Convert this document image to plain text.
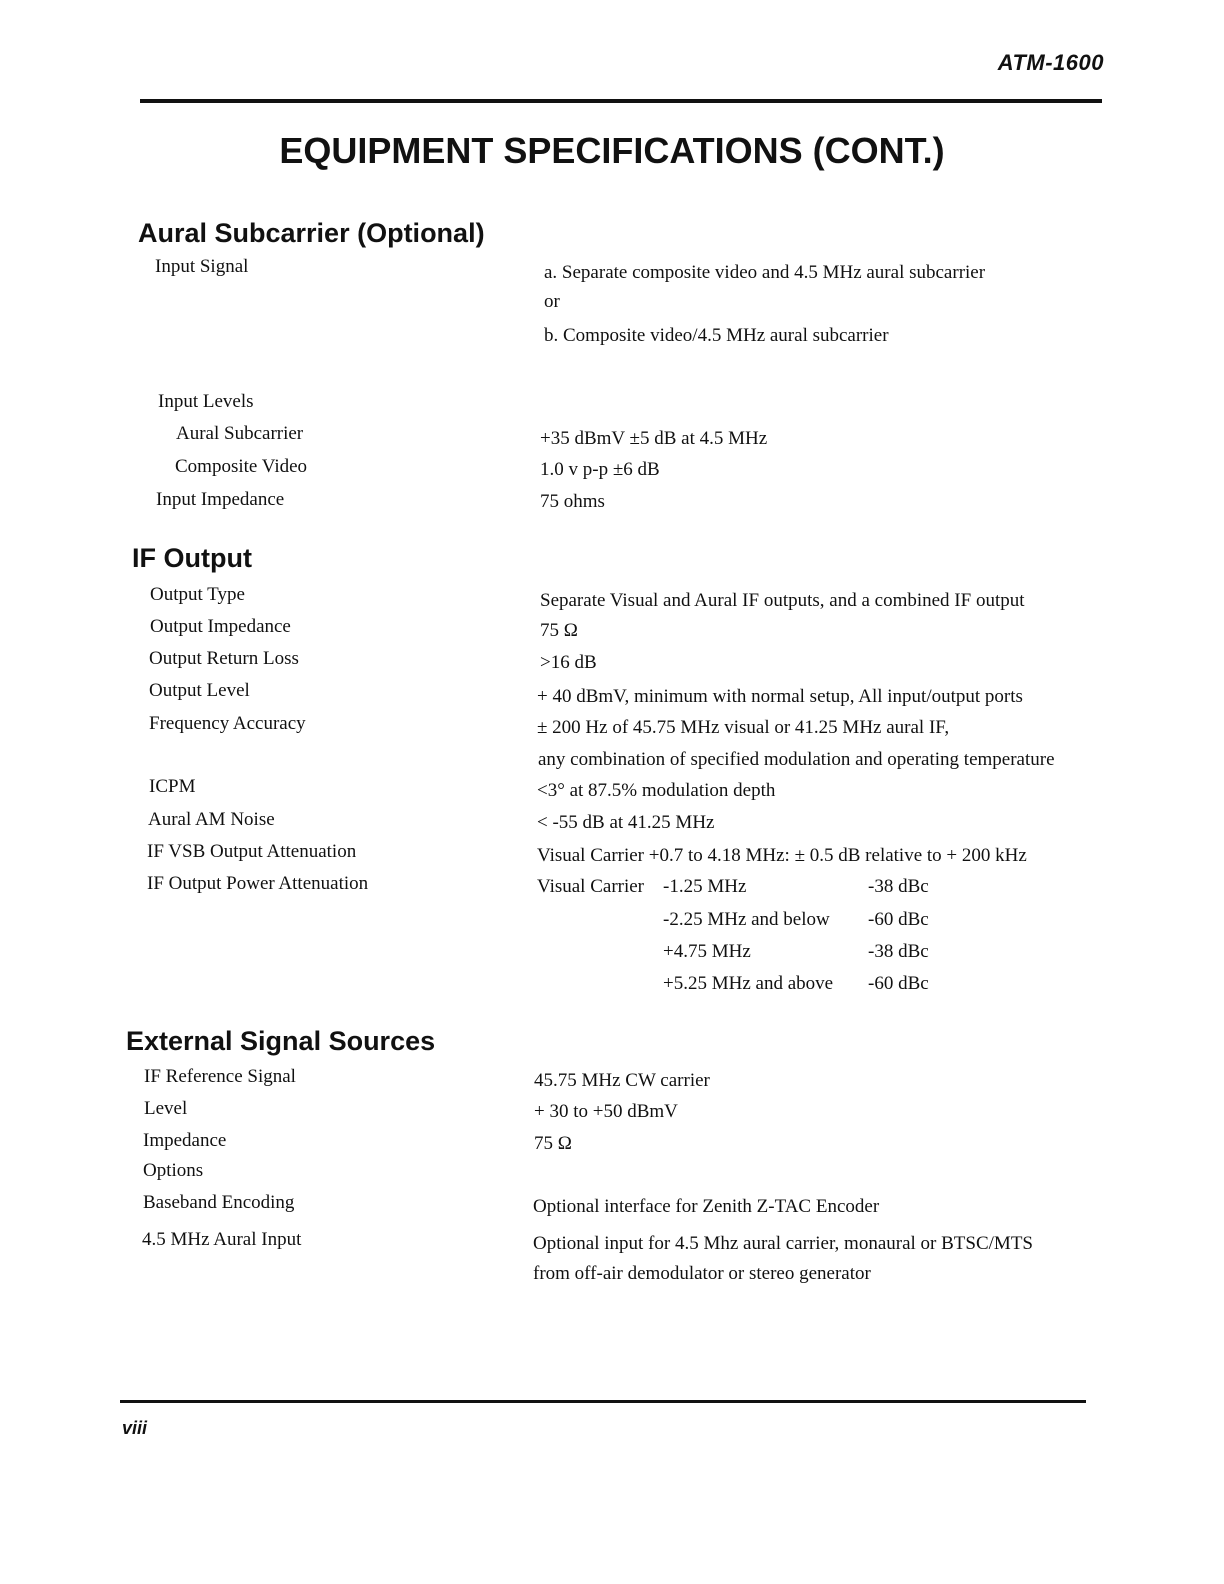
ATM-1600
EQUIPMENT SPECIFICATIONS (CONT.)
Aural Subcarrier (Optional)
Input Signal	a. Separate composite video and 4.5 MHz aural subcarrier
or
b. Composite video/4.5 MHz aural subcarrier
Input Levels
Aural Subcarrier	+35 dBmV ±5 dB at 4.5 MHz
Composite Video	1.0 v p-p ±6 dB
Input Impedance	75 ohms
IF Output
Output Type	Separate Visual and Aural IF outputs, and a combined IF output
Output Impedance	75 Ω
Output Return Loss	>16 dB
Output Level	+ 40 dBmV, minimum with normal setup, All input/output ports
Frequency Accuracy	± 200 Hz of 45.75 MHz visual or 41.25 MHz aural IF,
any combination of specified modulation and operating temperature
ICPM	<3° at 87.5% modulation depth
Aural AM Noise	< -55 dB at 41.25 MHz
IF VSB Output Attenuation	Visual Carrier +0.7 to 4.18 MHz: ± 0.5 dB relative to + 200 kHz
IF Output Power Attenuation	Visual Carrier -1.25 MHz	-38 dBc
-2.25 MHz and below -60 dBc
+4.75 MHz	-38 dBc
+5.25 MHz and above -60 dBc
External Signal Sources
IF Reference Signal	45.75 MHz CW carrier
Level	+ 30 to +50 dBmV
Impedance	75 Ω
Options
Baseband Encoding	Optional interface for Zenith Z-TAC Encoder
4.5 MHz Aural Input	Optional input for 4.5 Mhz aural carrier, monaural or BTSC/MTS
from off-air demodulator or stereo generator
viii
